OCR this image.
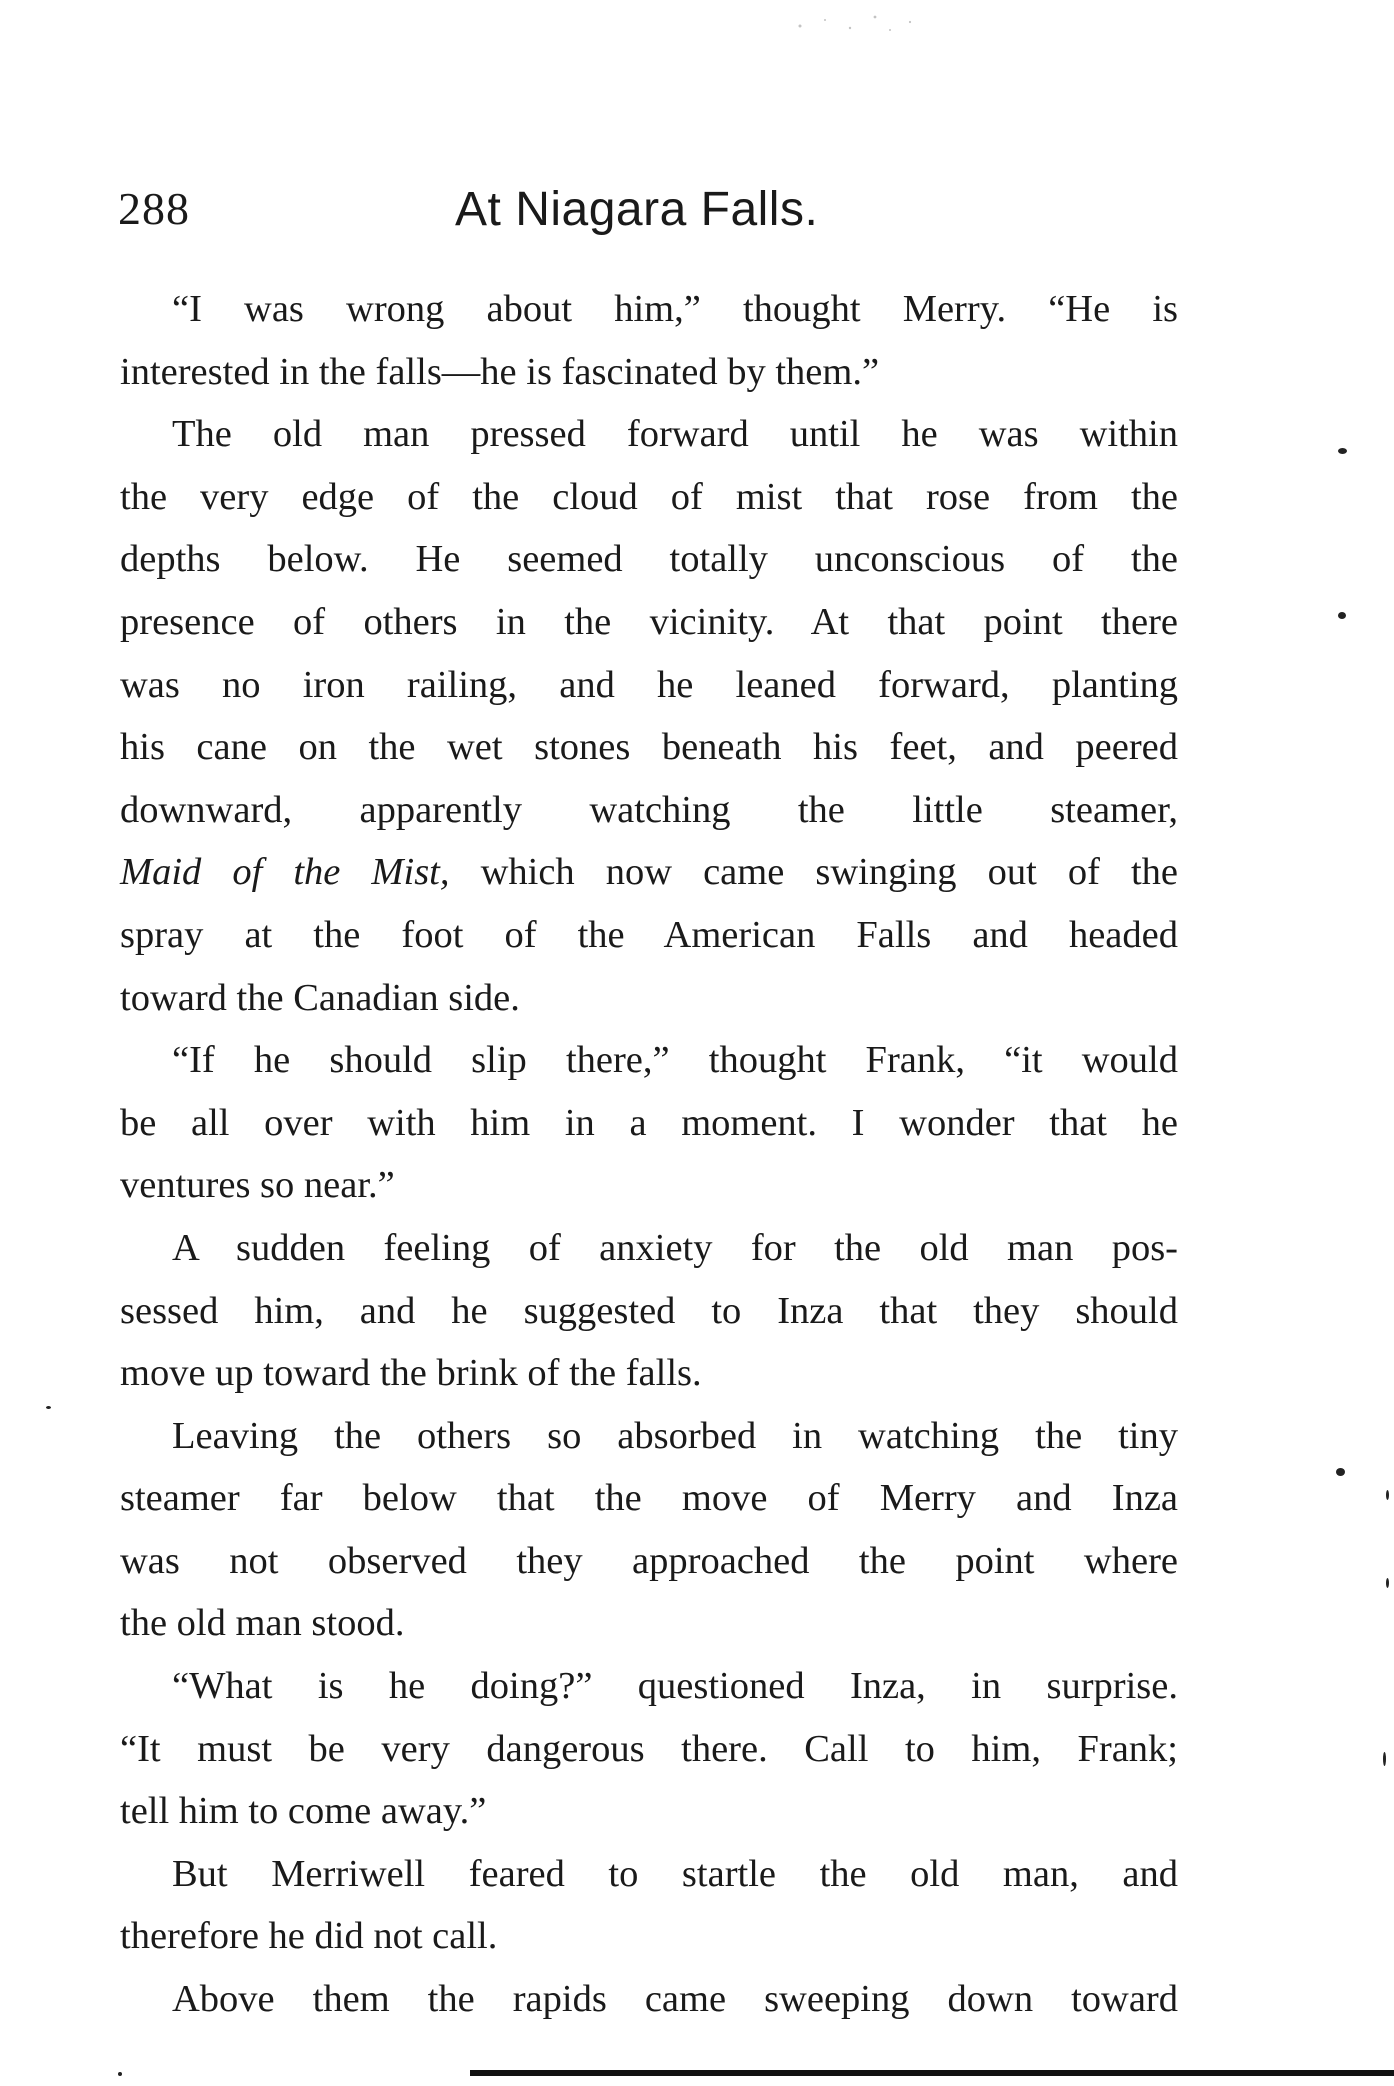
288	At Niagara Falls.
“I was wrong about him,” thought Merry. “He is
interested in the falls—he is fascinated by them.”
The old man pressed forward until he was within
the very edge of the cloud of mist that rose from the
depths below. He seemed totally unconscious of the
presence of others in the vicinity. At that point there
was no iron railing, and he leaned forward, planting
his cane on the wet stones beneath his feet, and peered
downward, apparently watching the little steamer,
Maid of the Mist, which now came swinging out of the
spray at the foot of the American Falls and headed
toward the Canadian side.
“If he should slip there,” thought Frank, “it would
be all over with him in a moment. I wonder that he
ventures so near.”
A sudden feeling of anxiety for the old man pos-
sessed him, and he suggested to Inza that they should
move up toward the brink of the falls.
Leaving the others so absorbed in watching the tiny
steamer far below that the move of Merry and Inza
was not observed they approached the point where
the old man stood.
“What is he doing?” questioned Inza, in surprise.
“It must be very dangerous there. Call to him, Frank;
tell him to come away.”
But Merriwell feared to startle the old man, and
therefore he did not call.
Above them the rapids came sweeping down toward
